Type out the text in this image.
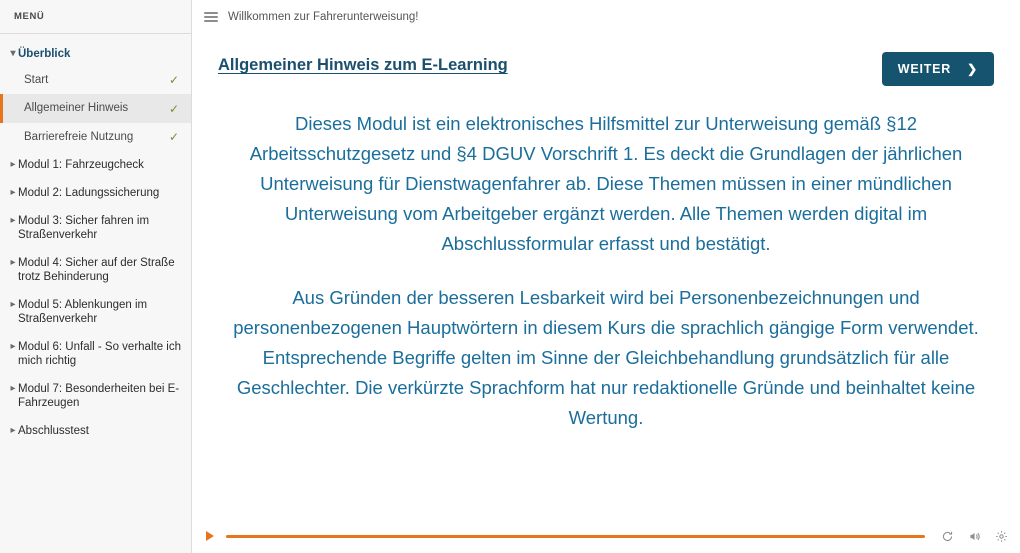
MENÜ
▾ Überblick
Start	✓
Allgemeiner Hinweis	✓
Barrierefreie Nutzung	✓
▸ Modul 1: Fahrzeugcheck
▸ Modul 2: Ladungssicherung
▸ Modul 3: Sicher fahren im Straßenverkehr
▸ Modul 4: Sicher auf der Straße trotz Behinderung
▸ Modul 5: Ablenkungen im Straßenverkehr
▸ Modul 6: Unfall - So verhalte ich mich richtig
▸ Modul 7: Besonderheiten bei E-Fahrzeugen
▸ Abschlusstest
Willkommen zur Fahrerunterweisung!
Allgemeiner Hinweis zum E-Learning	WEITER ❯

Dieses Modul ist ein elektronisches Hilfsmittel zur Unterweisung gemäß §12 Arbeitsschutzgesetz und §4 DGUV Vorschrift 1. Es deckt die Grundlagen der jährlichen Unterweisung für Dienstwagenfahrer ab. Diese Themen müssen in einer mündlichen Unterweisung vom Arbeitgeber ergänzt werden. Alle Themen werden digital im Abschlussformular erfasst und bestätigt.

Aus Gründen der besseren Lesbarkeit wird bei Personenbezeichnungen und personenbezogenen Hauptwörtern in diesem Kurs die sprachlich gängige Form verwendet. Entsprechende Begriffe gelten im Sinne der Gleichbehandlung grundsätzlich für alle Geschlechter. Die verkürzte Sprachform hat nur redaktionelle Gründe und beinhaltet keine Wertung.
